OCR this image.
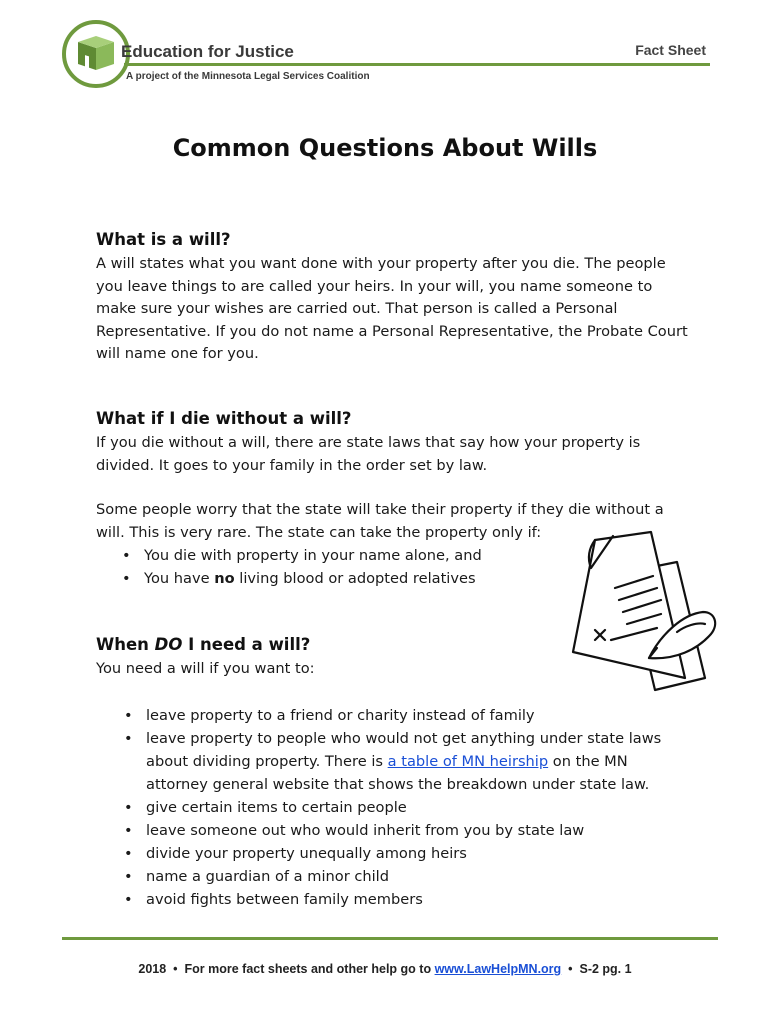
Education for Justice
A project of the Minnesota Legal Services Coalition
Fact Sheet
Common Questions About Wills
What is a will?
A will states what you want done with your property after you die. The people
you leave things to are called your heirs. In your will, you name someone to
make sure your wishes are carried out. That person is called a Personal
Representative. If you do not name a Personal Representative, the Probate Court
will name one for you.
What if I die without a will?
If you die without a will, there are state laws that say how your property is
divided. It goes to your family in the order set by law.
Some people worry that the state will take their property if they die without a
will. This is very rare. The state can take the property only if:
• You die with property in your name alone, and
• You have no living blood or adopted relatives
When DO I need a will?
You need a will if you want to:
• leave property to a friend or charity instead of family
• leave property to people who would not get anything under state laws
about dividing property. There is a table of MN heirship on the MN
attorney general website that shows the breakdown under state law.
• give certain items to certain people
• leave someone out who would inherit from you by state law
• divide your property unequally among heirs
• name a guardian of a minor child
• avoid fights between family members
2018 • For more fact sheets and other help go to www.LawHelpMN.org • S-2 pg. 1
